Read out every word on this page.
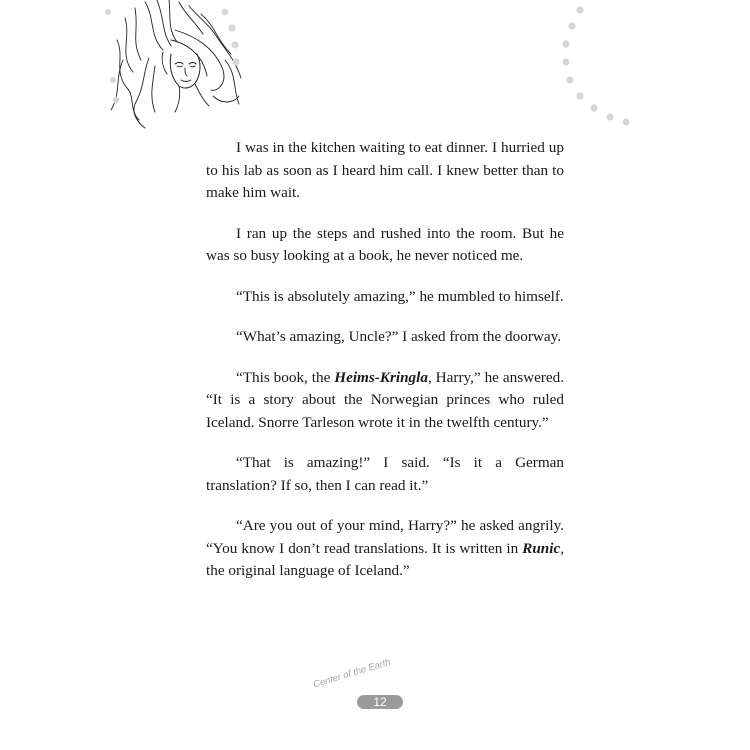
I was in the kitchen waiting to eat dinner. I hurried up to his lab as soon as I heard him call. I knew better than to make him wait.

I ran up the steps and rushed into the room. But he was so busy looking at a book, he never noticed me.

“This is absolutely amazing,” he mumbled to himself.

“What’s amazing, Uncle?” I asked from the doorway.

“This book, the Heims-Kringla, Harry,” he answered. “It is a story about the Norwegian princes who ruled Iceland. Snorre Tarleson wrote it in the twelfth century.”

“That is amazing!” I said. “Is it a German translation? If so, then I can read it.”

“Are you out of your mind, Harry?” he asked angrily. “You know I don’t read translations. It is written in Runic, the original language of Iceland.”

Center of the Earth
12
